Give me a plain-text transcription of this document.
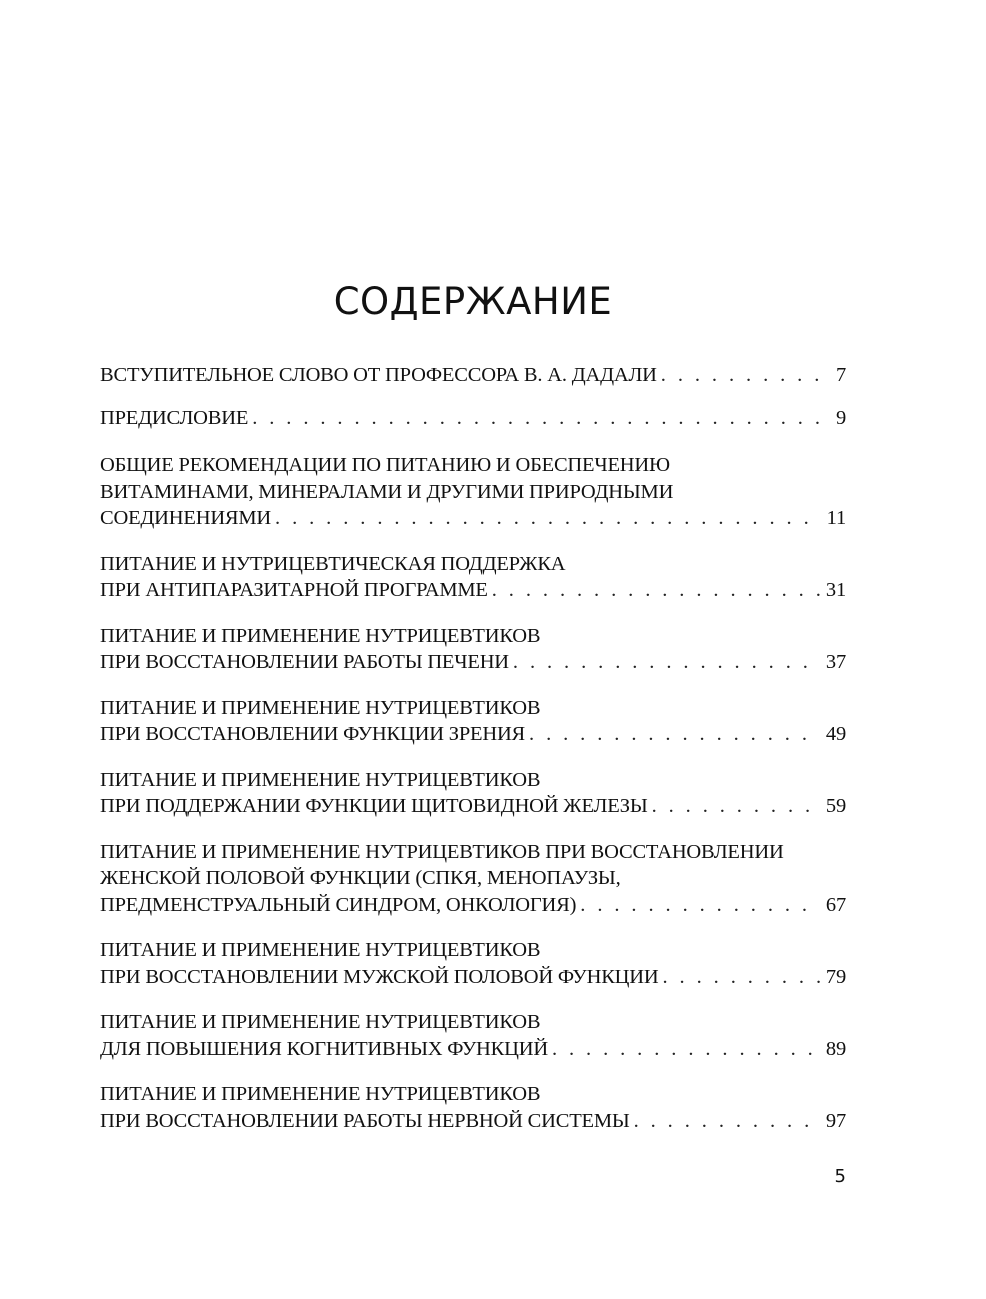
СОДЕРЖАНИЕ
ВСТУПИТЕЛЬНОЕ СЛОВО ОТ ПРОФЕССОРА В. А. ДАДАЛИ . . .	7
ПРЕДИСЛОВИЕ . . .	9
ОБЩИЕ РЕКОМЕНДАЦИИ ПО ПИТАНИЮ И ОБЕСПЕЧЕНИЮ
ВИТАМИНАМИ, МИНЕРАЛАМИ И ДРУГИМИ ПРИРОДНЫМИ
СОЕДИНЕНИЯМИ . . .	11
ПИТАНИЕ И НУТРИЦЕВТИЧЕСКАЯ ПОДДЕРЖКА
ПРИ АНТИПАРАЗИТАРНОЙ ПРОГРАММЕ . . .	31
ПИТАНИЕ И ПРИМЕНЕНИЕ НУТРИЦЕВТИКОВ
ПРИ ВОССТАНОВЛЕНИИ РАБОТЫ ПЕЧЕНИ . . .	37
ПИТАНИЕ И ПРИМЕНЕНИЕ НУТРИЦЕВТИКОВ
ПРИ ВОССТАНОВЛЕНИИ ФУНКЦИИ ЗРЕНИЯ . . .	49
ПИТАНИЕ И ПРИМЕНЕНИЕ НУТРИЦЕВТИКОВ
ПРИ ПОДДЕРЖАНИИ ФУНКЦИИ ЩИТОВИДНОЙ ЖЕЛЕЗЫ . . .	59
ПИТАНИЕ И ПРИМЕНЕНИЕ НУТРИЦЕВТИКОВ ПРИ ВОССТАНОВЛЕНИИ
ЖЕНСКОЙ ПОЛОВОЙ ФУНКЦИИ (СПКЯ, МЕНОПАУЗЫ,
ПРЕДМЕНСТРУАЛЬНЫЙ СИНДРОМ, ОНКОЛОГИЯ) . . .	67
ПИТАНИЕ И ПРИМЕНЕНИЕ НУТРИЦЕВТИКОВ
ПРИ ВОССТАНОВЛЕНИИ МУЖСКОЙ ПОЛОВОЙ ФУНКЦИИ . . .	79
ПИТАНИЕ И ПРИМЕНЕНИЕ НУТРИЦЕВТИКОВ
ДЛЯ ПОВЫШЕНИЯ КОГНИТИВНЫХ ФУНКЦИЙ . . .	89
ПИТАНИЕ И ПРИМЕНЕНИЕ НУТРИЦЕВТИКОВ
ПРИ ВОССТАНОВЛЕНИИ РАБОТЫ НЕРВНОЙ СИСТЕМЫ . . .	97
5
